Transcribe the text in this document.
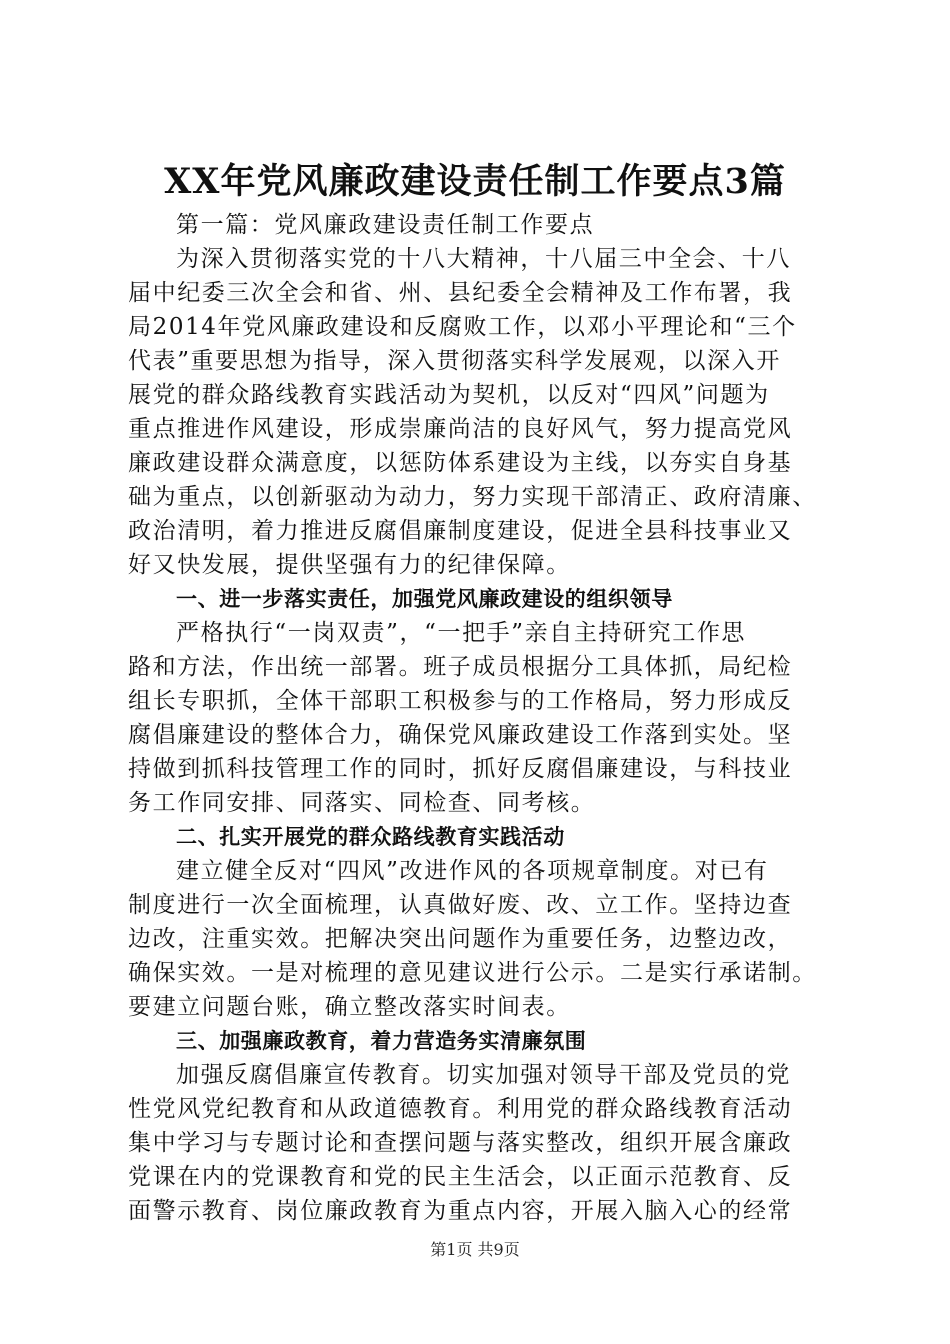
XX年党风廉政建设责任制工作要点3篇
第一篇：党风廉政建设责任制工作要点
为深入贯彻落实党的十八大精神，十八届三中全会、十八
届中纪委三次全会和省、州、县纪委全会精神及工作布署，我
局2014年党风廉政建设和反腐败工作，以邓小平理论和“三个
代表”重要思想为指导，深入贯彻落实科学发展观，以深入开
展党的群众路线教育实践活动为契机，以反对“四风”问题为
重点推进作风建设，形成崇廉尚洁的良好风气，努力提高党风
廉政建设群众满意度，以惩防体系建设为主线，以夯实自身基
础为重点，以创新驱动为动力，努力实现干部清正、政府清廉、
政治清明，着力推进反腐倡廉制度建设，促进全县科技事业又
好又快发展，提供坚强有力的纪律保障。
一、进一步落实责任，加强党风廉政建设的组织领导
严格执行“一岗双责”，“一把手”亲自主持研究工作思
路和方法，作出统一部署。班子成员根据分工具体抓，局纪检
组长专职抓，全体干部职工积极参与的工作格局，努力形成反
腐倡廉建设的整体合力，确保党风廉政建设工作落到实处。坚
持做到抓科技管理工作的同时，抓好反腐倡廉建设，与科技业
务工作同安排、同落实、同检查、同考核。
二、扎实开展党的群众路线教育实践活动
建立健全反对“四风”改进作风的各项规章制度。对已有
制度进行一次全面梳理，认真做好废、改、立工作。坚持边查
边改，注重实效。把解决突出问题作为重要任务，边整边改，
确保实效。一是对梳理的意见建议进行公示。二是实行承诺制。
要建立问题台账，确立整改落实时间表。
三、加强廉政教育，着力营造务实清廉氛围
加强反腐倡廉宣传教育。切实加强对领导干部及党员的党
性党风党纪教育和从政道德教育。利用党的群众路线教育活动
集中学习与专题讨论和查摆问题与落实整改，组织开展含廉政
党课在内的党课教育和党的民主生活会，以正面示范教育、反
面警示教育、岗位廉政教育为重点内容，开展入脑入心的经常
第1页 共9页
